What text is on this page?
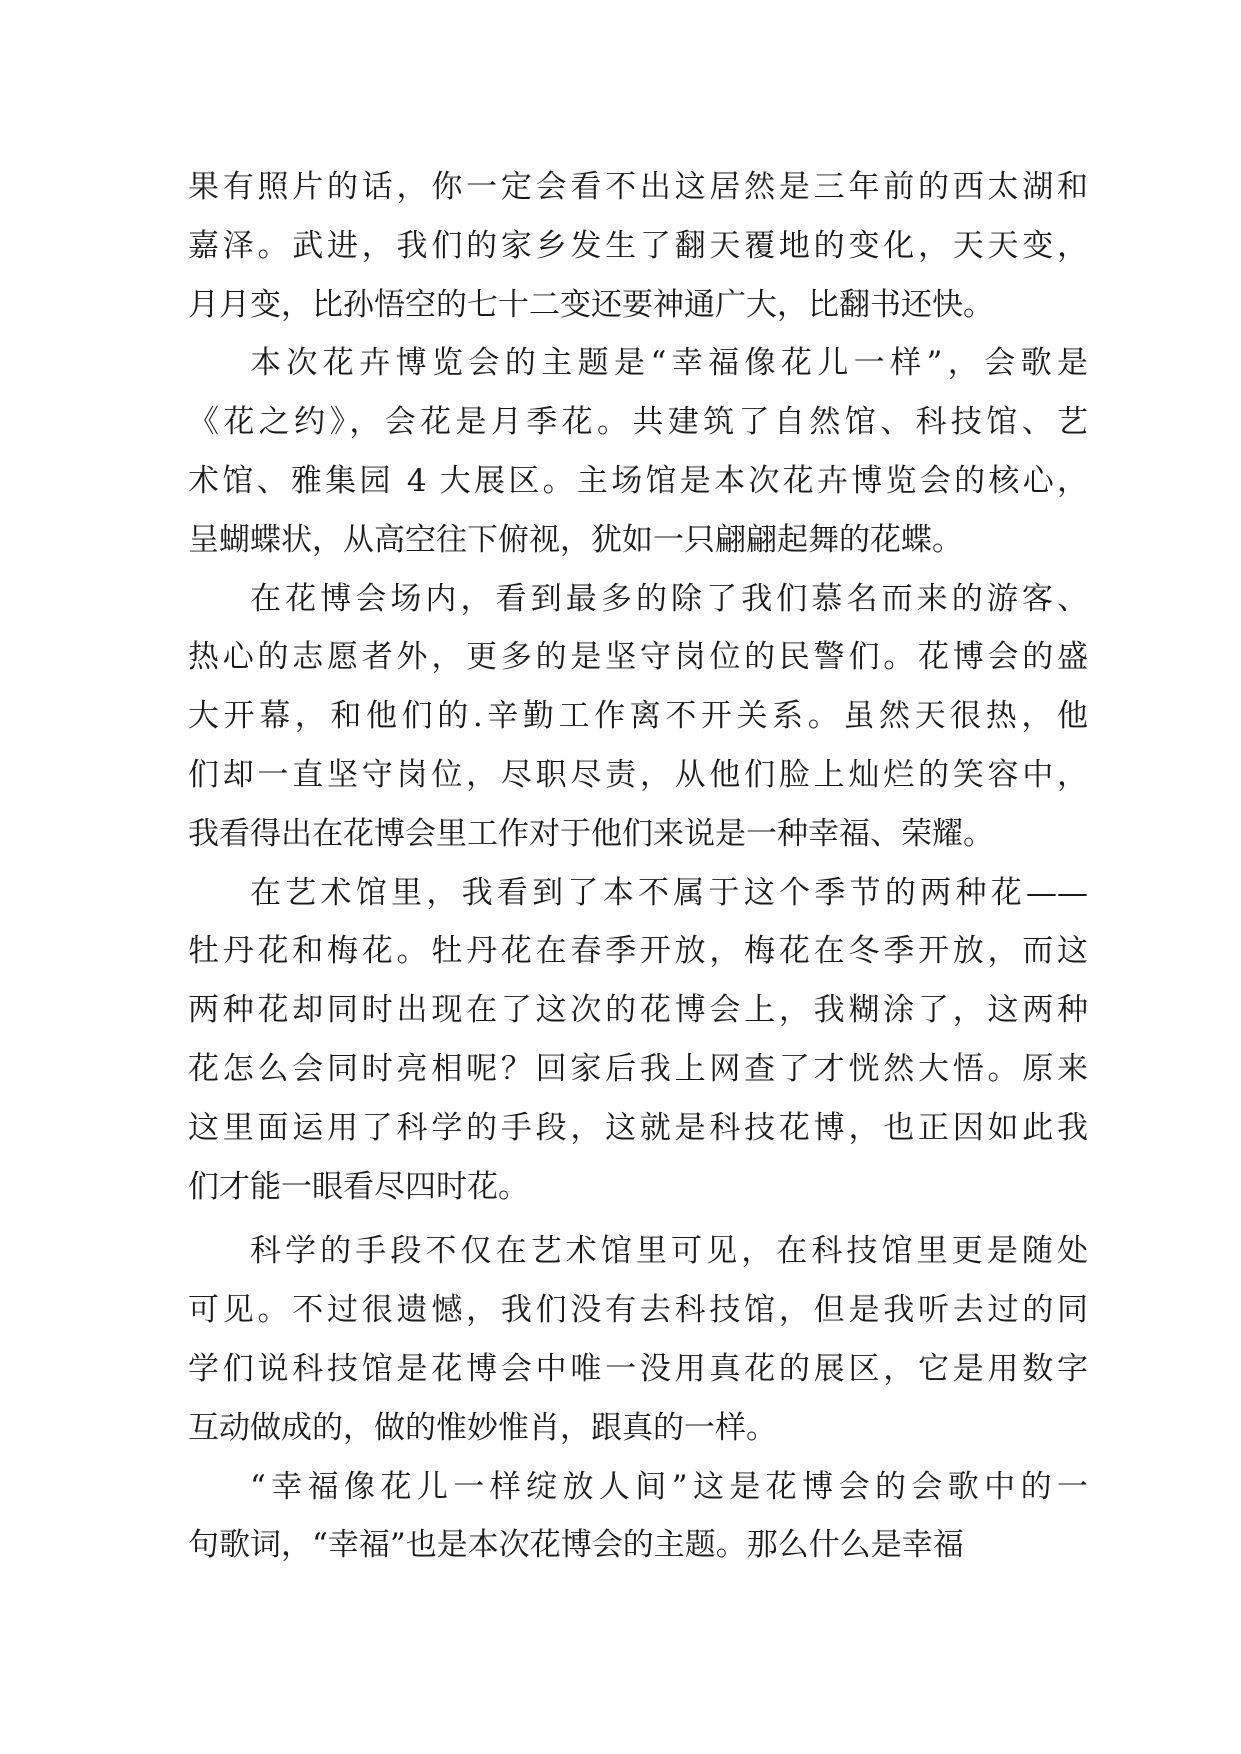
果有照片的话，你一定会看不出这居然是三年前的西太湖和
嘉泽。武进，我们的家乡发生了翻天覆地的变化，天天变，
月月变，比孙悟空的七十二变还要神通广大，比翻书还快。
本次花卉博览会的主题是“幸福像花儿一样”，会歌是
《花之约》，会花是月季花。共建筑了自然馆、科技馆、艺
术馆、雅集园 4 大展区。主场馆是本次花卉博览会的核心，
呈蝴蝶状，从高空往下俯视，犹如一只翩翩起舞的花蝶。
在花博会场内，看到最多的除了我们慕名而来的游客、
热心的志愿者外，更多的是坚守岗位的民警们。花博会的盛
大开幕，和他们的.辛勤工作离不开关系。虽然天很热，他
们却一直坚守岗位，尽职尽责，从他们脸上灿烂的笑容中，
我看得出在花博会里工作对于他们来说是一种幸福、荣耀。
在艺术馆里，我看到了本不属于这个季节的两种花——
牡丹花和梅花。牡丹花在春季开放，梅花在冬季开放，而这
两种花却同时出现在了这次的花博会上，我糊涂了，这两种
花怎么会同时亮相呢？回家后我上网查了才恍然大悟。原来
这里面运用了科学的手段，这就是科技花博，也正因如此我
们才能一眼看尽四时花。
科学的手段不仅在艺术馆里可见，在科技馆里更是随处
可见。不过很遗憾，我们没有去科技馆，但是我听去过的同
学们说科技馆是花博会中唯一没用真花的展区，它是用数字
互动做成的，做的惟妙惟肖，跟真的一样。
“幸福像花儿一样绽放人间”这是花博会的会歌中的一
句歌词，“幸福”也是本次花博会的主题。那么什么是幸福
